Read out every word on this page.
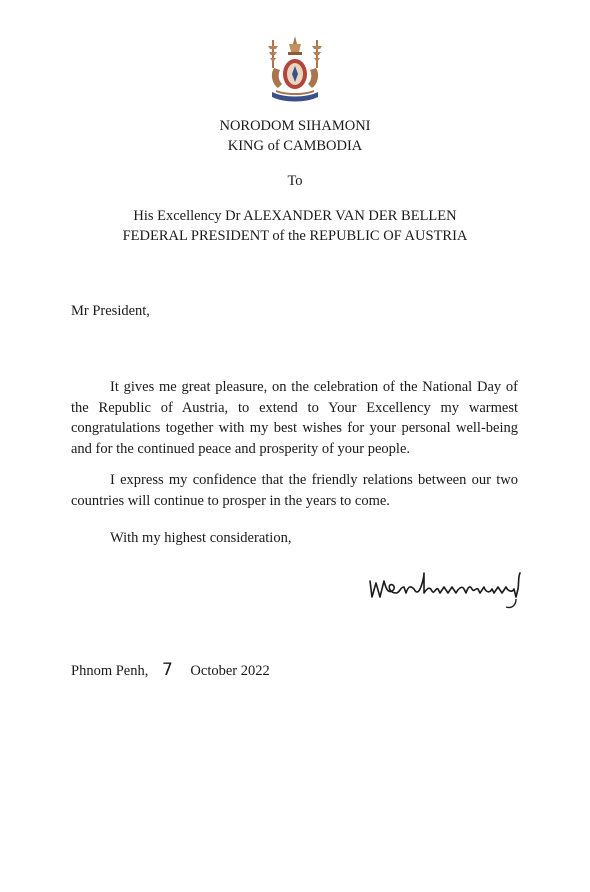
NORODOM SIHAMONI
KING of CAMBODIA
To
His Excellency Dr ALEXANDER VAN DER BELLEN
FEDERAL PRESIDENT of the REPUBLIC OF AUSTRIA
Mr President,
It gives me great pleasure, on the celebration of the National Day of the Republic of Austria, to extend to Your Excellency my warmest congratulations together with my best wishes for your personal well-being and for the continued peace and prosperity of your people.
I express my confidence that the friendly relations between our two countries will continue to prosper in the years to come.
With my highest consideration,
Phnom Penh, 7 October 2022
